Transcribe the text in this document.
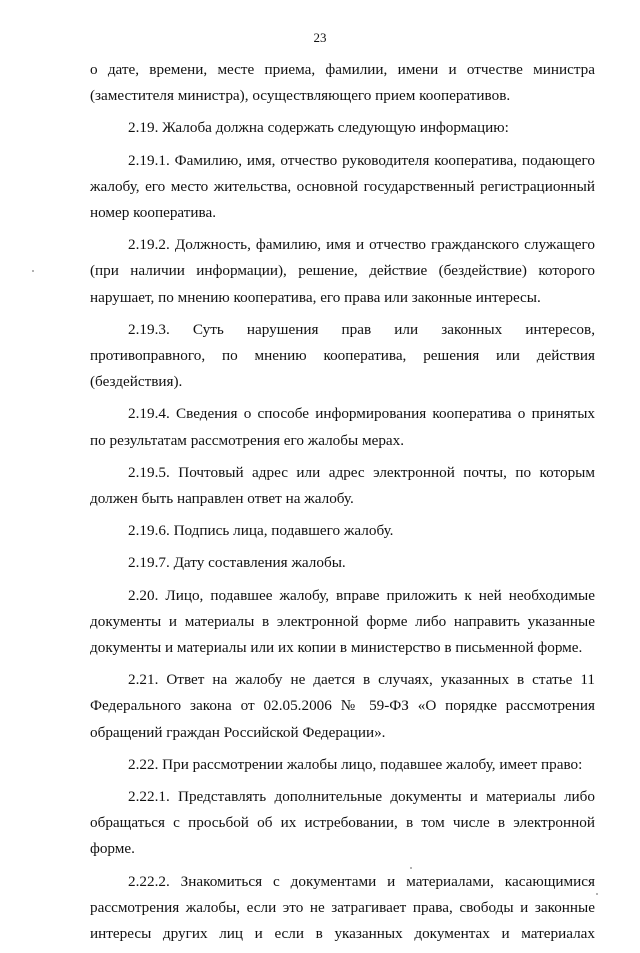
23

о дате, времени, месте приема, фамилии, имени и отчестве министра (заместителя министра), осуществляющего прием кооперативов.

2.19. Жалоба должна содержать следующую информацию:

2.19.1. Фамилию, имя, отчество руководителя кооператива, подающего жалобу, его место жительства, основной государственный регистрационный номер кооператива.

2.19.2. Должность, фамилию, имя и отчество гражданского служащего (при наличии информации), решение, действие (бездействие) которого нарушает, по мнению кооператива, его права или законные интересы.

2.19.3. Суть нарушения прав или законных интересов, противоправного, по мнению кооператива, решения или действия (бездействия).

2.19.4. Сведения о способе информирования кооператива о принятых по результатам рассмотрения его жалобы мерах.

2.19.5. Почтовый адрес или адрес электронной почты, по которым должен быть направлен ответ на жалобу.

2.19.6. Подпись лица, подавшего жалобу.

2.19.7. Дату составления жалобы.

2.20. Лицо, подавшее жалобу, вправе приложить к ней необходимые документы и материалы в электронной форме либо направить указанные документы и материалы или их копии в министерство в письменной форме.

2.21. Ответ на жалобу не дается в случаях, указанных в статье 11 Федерального закона от 02.05.2006 № 59-ФЗ «О порядке рассмотрения обращений граждан Российской Федерации».

2.22. При рассмотрении жалобы лицо, подавшее жалобу, имеет право:

2.22.1. Представлять дополнительные документы и материалы либо обращаться с просьбой об их истребовании, в том числе в электронной форме.

2.22.2. Знакомиться с документами и материалами, касающимися рассмотрения жалобы, если это не затрагивает права, свободы и законные интересы других лиц и если в указанных документах и материалах
